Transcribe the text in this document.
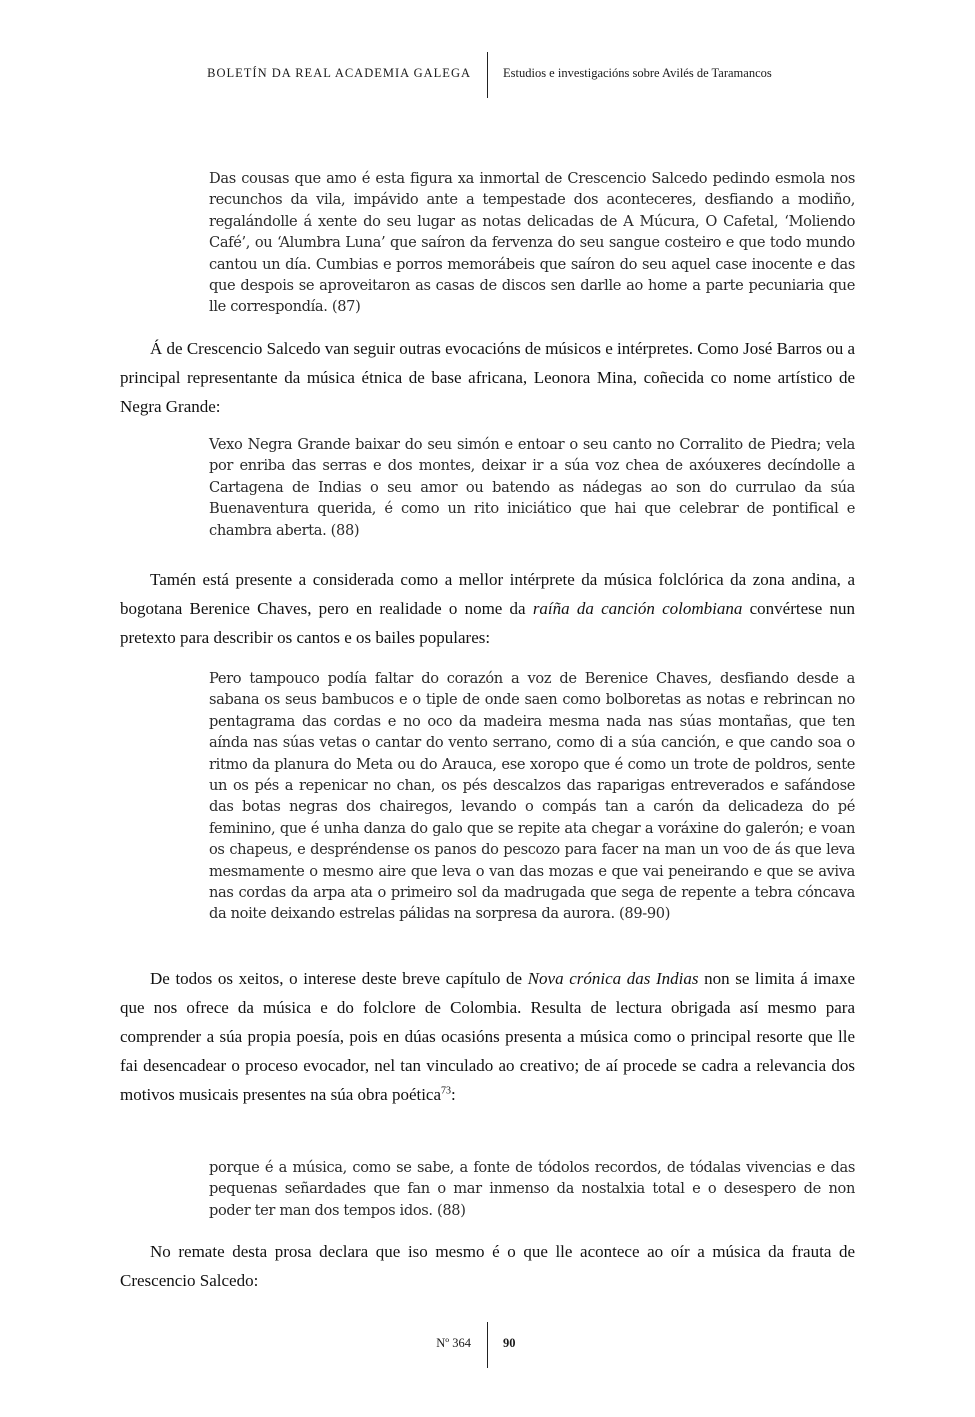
BOLETÍN DA REAL ACADEMIA GALEGA	Estudios e investigacións sobre Avilés de Taramancos
Das cousas que amo é esta figura xa inmortal de Crescencio Salcedo pedindo esmola nos recunchos da vila, impávido ante a tempestade dos aconteceres, desfiando a modiño, regalándolle á xente do seu lugar as notas delicadas de A Múcura, O Cafetal, ‘Moliendo Café’, ou ‘Alumbra Luna’ que saíron da fervenza do seu sangue costeiro e que todo mundo cantou un día. Cumbias e porros memorábeis que saíron do seu aquel case inocente e das que despois se aproveitaron as casas de discos sen darlle ao home a parte pecuniaria que lle correspondía. (87)
Á de Crescencio Salcedo van seguir outras evocacións de músicos e intérpretes. Como José Barros ou a principal representante da música étnica de base africana, Leonora Mina, coñecida co nome artístico de Negra Grande:
Vexo Negra Grande baixar do seu simón e entoar o seu canto no Corralito de Piedra; vela por enriba das serras e dos montes, deixar ir a súa voz chea de axóuxeres decíndolle a Cartagena de Indias o seu amor ou batendo as nádegas ao son do currulao da súa Buenaventura querida, é como un rito iniciático que hai que celebrar de pontifical e chambra aberta. (88)
Tamén está presente a considerada como a mellor intérprete da música folclórica da zona andina, a bogotana Berenice Chaves, pero en realidade o nome da raíña da canción colombiana convértese nun pretexto para describir os cantos e os bailes populares:
Pero tampouco podía faltar do corazón a voz de Berenice Chaves, desfiando desde a sabana os seus bambucos e o tiple de onde saen como bolboretas as notas e rebrincan no pentagrama das cordas e no oco da madeira mesma nada nas súas montañas, que ten aínda nas súas vetas o cantar do vento serrano, como di a súa canción, e que cando soa o ritmo da planura do Meta ou do Arauca, ese xoropo que é como un trote de poldros, sente un os pés a repenicar no chan, os pés descalzos das raparigas entreverados e safándose das botas negras dos chairegos, levando o compás tan a carón da delicadeza do pé feminino, que é unha danza do galo que se repite ata chegar a voráxine do galerón; e voan os chapeus, e despréndense os panos do pescozo para facer na man un voo de ás que leva mesmamente o mesmo aire que leva o van das mozas e que vai peneirando e que se aviva nas cordas da arpa ata o primeiro sol da madrugada que sega de repente a tebra cóncava da noite deixando estrelas pálidas na sorpresa da aurora. (89-90)
De todos os xeitos, o interese deste breve capítulo de Nova crónica das Indias non se limita á imaxe que nos ofrece da música e do folclore de Colombia. Resulta de lectura obrigada así mesmo para comprender a súa propia poesía, pois en dúas ocasións presenta a música como o principal resorte que lle fai desencadear o proceso evocador, nel tan vinculado ao creativo; de aí procede se cadra a relevancia dos motivos musicais presentes na súa obra poética$^{73}$:
porque é a música, como se sabe, a fonte de tódolos recordos, de tódalas vivencias e das pequenas señardades que fan o mar inmenso da nostalxia total e o desespero de non poder ter man dos tempos idos. (88)
No remate desta prosa declara que iso mesmo é o que lle acontece ao oír a música da frauta de Crescencio Salcedo:
Nº 364	90
